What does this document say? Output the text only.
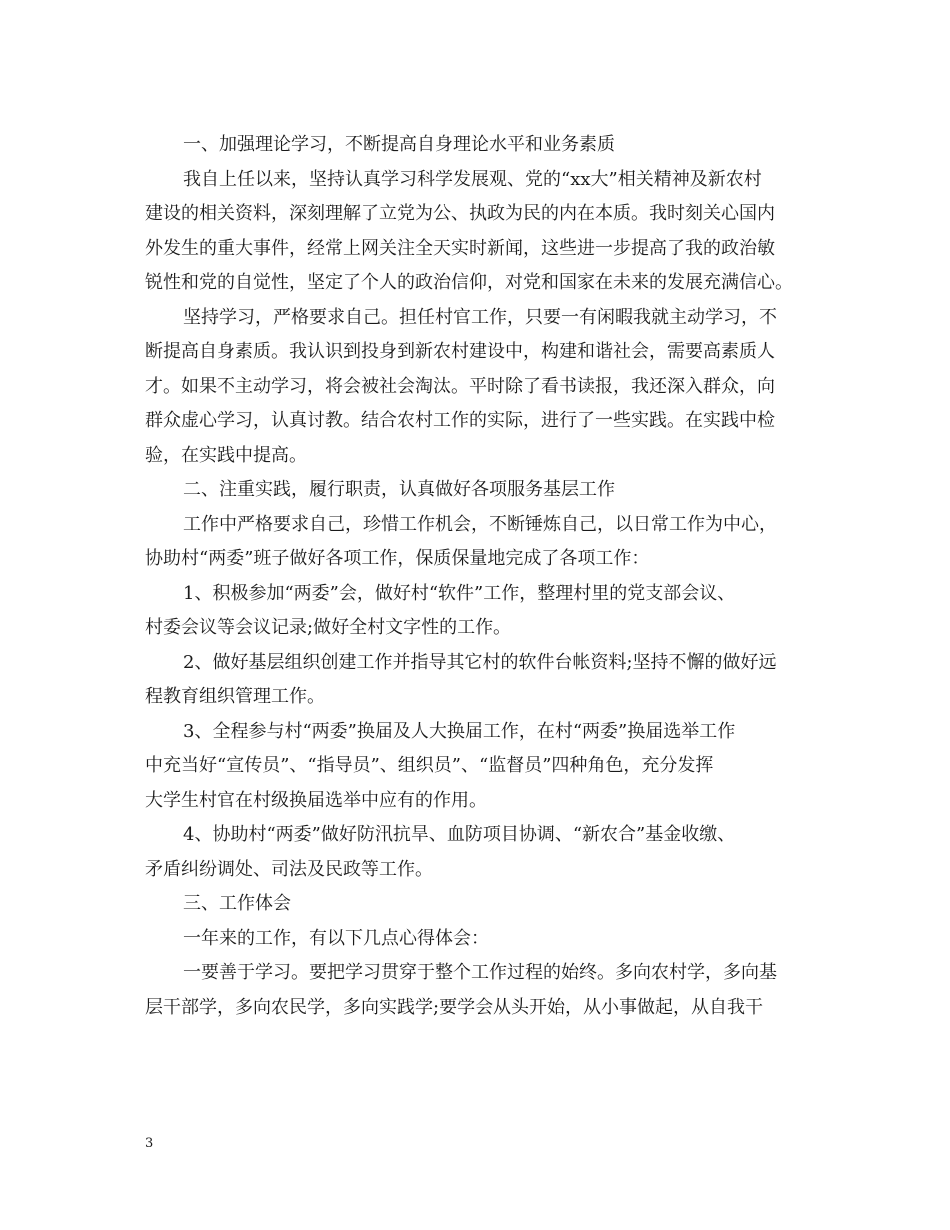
一、加强理论学习，不断提高自身理论水平和业务素质
我自上任以来，坚持认真学习科学发展观、党的“xx大”相关精神及新农村
建设的相关资料，深刻理解了立党为公、执政为民的内在本质。我时刻关心国内
外发生的重大事件，经常上网关注全天实时新闻，这些进一步提高了我的政治敏
锐性和党的自觉性，坚定了个人的政治信仰，对党和国家在未来的发展充满信心。
坚持学习，严格要求自己。担任村官工作，只要一有闲暇我就主动学习，不
断提高自身素质。我认识到投身到新农村建设中，构建和谐社会，需要高素质人
才。如果不主动学习，将会被社会淘汰。平时除了看书读报，我还深入群众，向
群众虚心学习，认真讨教。结合农村工作的实际，进行了一些实践。在实践中检
验，在实践中提高。
二、注重实践，履行职责，认真做好各项服务基层工作
工作中严格要求自己，珍惜工作机会，不断锤炼自己，以日常工作为中心，
协助村“两委”班子做好各项工作，保质保量地完成了各项工作：
1、积极参加“两委”会，做好村“软件”工作，整理村里的党支部会议、
村委会议等会议记录;做好全村文字性的工作。
2、做好基层组织创建工作并指导其它村的软件台帐资料;坚持不懈的做好远
程教育组织管理工作。
3、全程参与村“两委”换届及人大换届工作，在村“两委”换届选举工作
中充当好“宣传员”、“指导员”、组织员”、“监督员”四种角色，充分发挥
大学生村官在村级换届选举中应有的作用。
4、协助村“两委”做好防汛抗旱、血防项目协调、“新农合”基金收缴、
矛盾纠纷调处、司法及民政等工作。
三、工作体会
一年来的工作，有以下几点心得体会：
一要善于学习。要把学习贯穿于整个工作过程的始终。多向农村学，多向基
层干部学，多向农民学，多向实践学;要学会从头开始，从小事做起，从自我干
3
